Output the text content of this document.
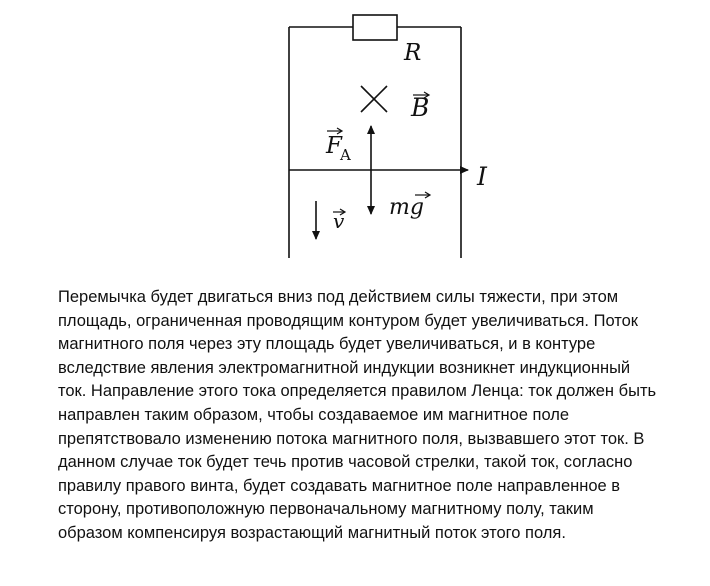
R
B
I
F
A
mg
v
Перемычка будет двигаться вниз под действием силы тяжести, при этом
площадь, ограниченная проводящим контуром будет увеличиваться. Поток
магнитного поля через эту площадь будет увеличиваться, и в контуре
вследствие явления электромагнитной индукции возникнет индукционный
ток. Направление этого тока определяется правилом Ленца: ток должен быть
направлен таким образом, чтобы создаваемое им магнитное поле
препятствовало изменению потока магнитного поля, вызвавшего этот ток. В
данном случае ток будет течь против часовой стрелки, такой ток, согласно
правилу правого винта, будет создавать магнитное поле направленное в
сторону, противоположную первоначальному магнитному полу, таким
образом компенсируя возрастающий магнитный поток этого поля.
